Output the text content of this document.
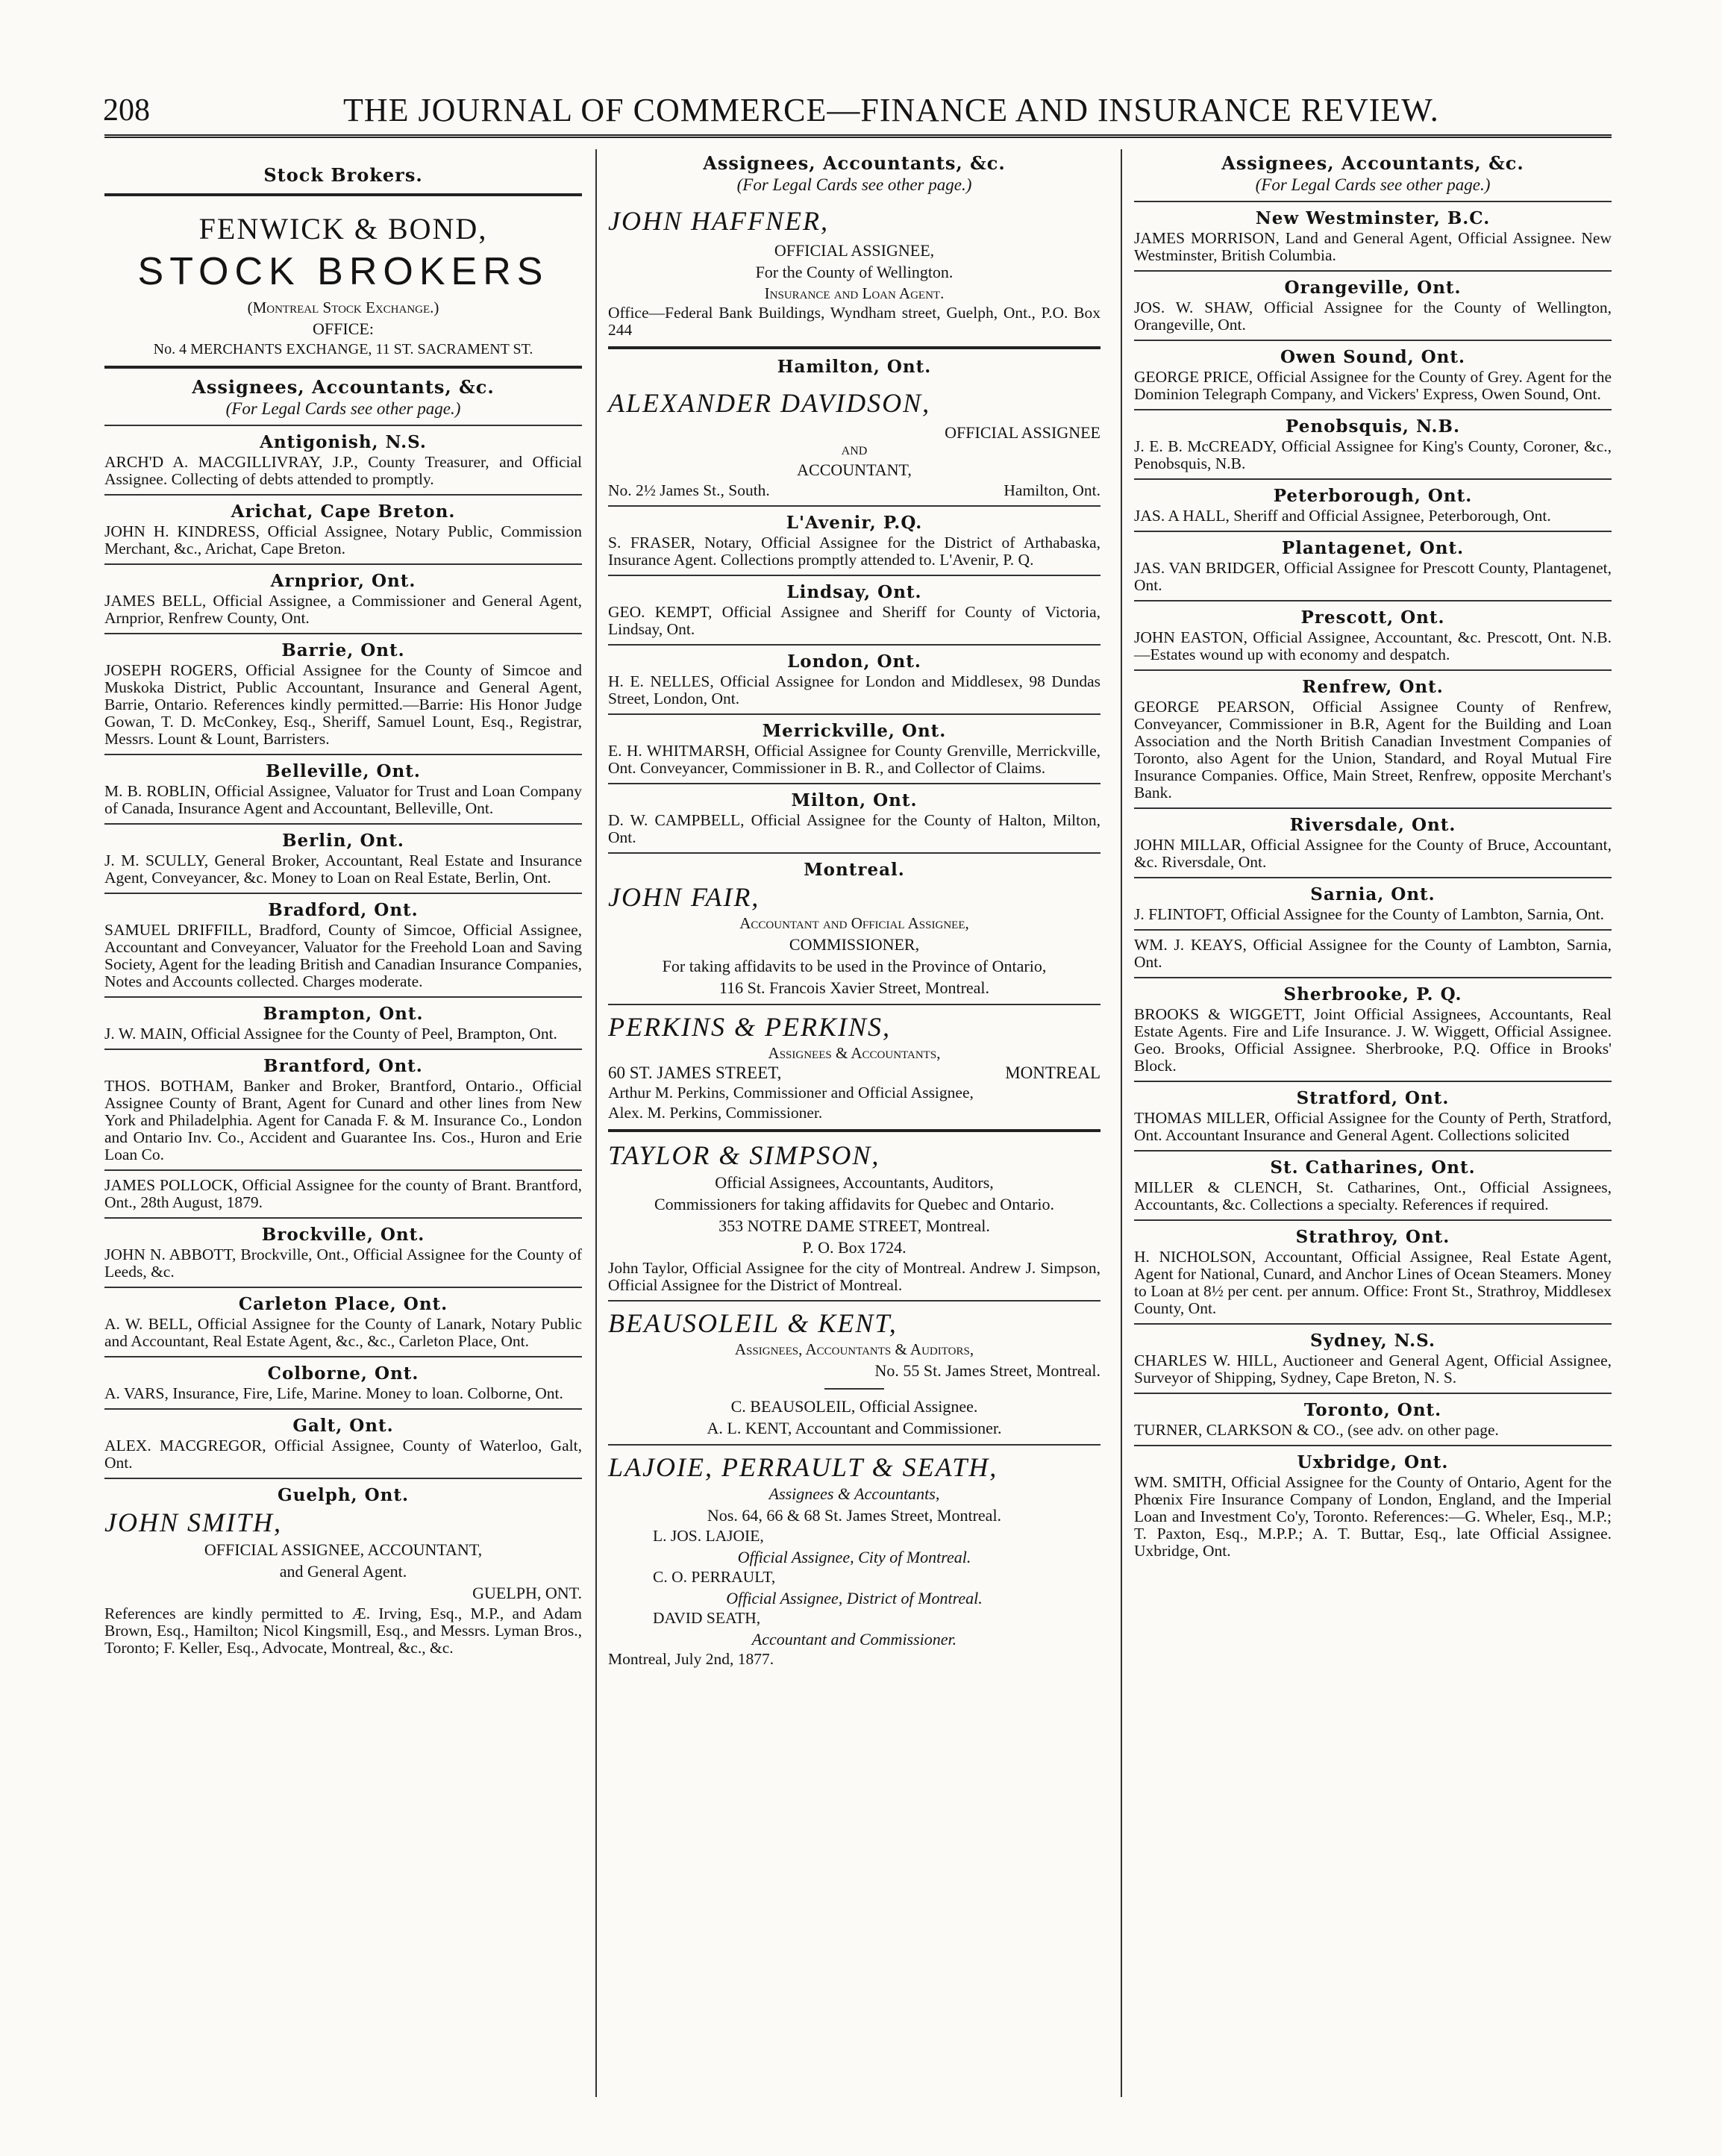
208	THE JOURNAL OF COMMERCE—FINANCE AND INSURANCE REVIEW.
Stock Brokers.
FENWICK & BOND,
STOCK BROKERS
(Montreal Stock Exchange.)
OFFICE:
No. 4 MERCHANTS EXCHANGE, 11 ST. SACRAMENT ST.
Assignees, Accountants, &c.
(For Legal Cards see other page.)
Antigonish, N.S.
ARCH'D A. MACGILLIVRAY, J.P., County Treasurer, and Official Assignee. Collecting of debts attended to promptly.
Arichat, Cape Breton.
JOHN H. KINDRESS, Official Assignee, Notary Public, Commission Merchant, &c., Arichat, Cape Breton.
Arnprior, Ont.
JAMES BELL, Official Assignee, a Commissioner and General Agent, Arnprior, Renfrew County, Ont.
Barrie, Ont.
JOSEPH ROGERS, Official Assignee for the County of Simcoe and Muskoka District, Public Accountant, Insurance and General Agent, Barrie, Ontario. References kindly permitted.—Barrie: His Honor Judge Gowan, T. D. McConkey, Esq., Sheriff, Samuel Lount, Esq., Registrar, Messrs. Lount & Lount, Barristers.
Belleville, Ont.
M. B. ROBLIN, Official Assignee, Valuator for Trust and Loan Company of Canada, Insurance Agent and Accountant, Belleville, Ont.
Berlin, Ont.
J. M. SCULLY, General Broker, Accountant, Real Estate and Insurance Agent, Conveyancer, &c. Money to Loan on Real Estate, Berlin, Ont.
Bradford, Ont.
SAMUEL DRIFFILL, Bradford, County of Simcoe, Official Assignee, Accountant and Conveyancer, Valuator for the Freehold Loan and Saving Society, Agent for the leading British and Canadian Insurance Companies, Notes and Accounts collected. Charges moderate.
Brampton, Ont.
J. W. MAIN, Official Assignee for the County of Peel, Brampton, Ont.
Brantford, Ont.
THOS. BOTHAM, Banker and Broker, Brantford, Ontario., Official Assignee County of Brant, Agent for Cunard and other lines from New York and Philadelphia. Agent for Canada F. & M. Insurance Co., London and Ontario Inv. Co., Accident and Guarantee Ins. Cos., Huron and Erie Loan Co.
JAMES POLLOCK, Official Assignee for the county of Brant. Brantford, Ont., 28th August, 1879.
Brockville, Ont.
JOHN N. ABBOTT, Brockville, Ont., Official Assignee for the County of Leeds, &c.
Carleton Place, Ont.
A. W. BELL, Official Assignee for the County of Lanark, Notary Public and Accountant, Real Estate Agent, &c., &c., Carleton Place, Ont.
Colborne, Ont.
A. VARS, Insurance, Fire, Life, Marine. Money to loan. Colborne, Ont.
Galt, Ont.
ALEX. MACGREGOR, Official Assignee, County of Waterloo, Galt, Ont.
Guelph, Ont.
JOHN SMITH,
OFFICIAL ASSIGNEE, ACCOUNTANT,
and General Agent.
GUELPH, ONT.
References are kindly permitted to Æ. Irving, Esq., M.P., and Adam Brown, Esq., Hamilton; Nicol Kingsmill, Esq., and Messrs. Lyman Bros., Toronto; F. Keller, Esq., Advocate, Montreal, &c., &c.
Assignees, Accountants, &c.
(For Legal Cards see other page.)
JOHN HAFFNER,
OFFICIAL ASSIGNEE,
For the County of Wellington.
Insurance and Loan Agent.
Office—Federal Bank Buildings, Wyndham street, Guelph, Ont., P.O. Box 244
Hamilton, Ont.
ALEXANDER DAVIDSON,
OFFICIAL ASSIGNEE
AND
ACCOUNTANT,
No. 2½ James St., South.	Hamilton, Ont.
L'Avenir, P.Q.
S. FRASER, Notary, Official Assignee for the District of Arthabaska, Insurance Agent. Collections promptly attended to. L'Avenir, P. Q.
Lindsay, Ont.
GEO. KEMPT, Official Assignee and Sheriff for County of Victoria, Lindsay, Ont.
London, Ont.
H. E. NELLES, Official Assignee for London and Middlesex, 98 Dundas Street, London, Ont.
Merrickville, Ont.
E. H. WHITMARSH, Official Assignee for County Grenville, Merrickville, Ont. Conveyancer, Commissioner in B. R., and Collector of Claims.
Milton, Ont.
D. W. CAMPBELL, Official Assignee for the County of Halton, Milton, Ont.
Montreal.
JOHN FAIR,
Accountant and Official Assignee,
COMMISSIONER,
For taking affidavits to be used in the Province of Ontario,
116 St. Francois Xavier Street, Montreal.
PERKINS & PERKINS,
Assignees & Accountants,
60 ST. JAMES STREET,	MONTREAL
Arthur M. Perkins, Commissioner and Official Assignee,
Alex. M. Perkins, Commissioner.
TAYLOR & SIMPSON,
Official Assignees, Accountants, Auditors,
Commissioners for taking affidavits for Quebec and Ontario.
353 NOTRE DAME STREET, Montreal.
P. O. Box 1724.
John Taylor, Official Assignee for the city of Montreal. Andrew J. Simpson, Official Assignee for the District of Montreal.
BEAUSOLEIL & KENT,
Assignees, Accountants & Auditors,
No. 55 St. James Street, Montreal.
C. BEAUSOLEIL, Official Assignee.
A. L. KENT, Accountant and Commissioner.
LAJOIE, PERRAULT & SEATH,
Assignees & Accountants,
Nos. 64, 66 & 68 St. James Street, Montreal.
L. JOS. LAJOIE,
Official Assignee, City of Montreal.
C. O. PERRAULT,
Official Assignee, District of Montreal.
DAVID SEATH,
Accountant and Commissioner.
Montreal, July 2nd, 1877.
Assignees, Accountants, &c.
(For Legal Cards see other page.)
New Westminster, B.C.
JAMES MORRISON, Land and General Agent, Official Assignee. New Westminster, British Columbia.
Orangeville, Ont.
JOS. W. SHAW, Official Assignee for the County of Wellington, Orangeville, Ont.
Owen Sound, Ont.
GEORGE PRICE, Official Assignee for the County of Grey. Agent for the Dominion Telegraph Company, and Vickers' Express, Owen Sound, Ont.
Penobsquis, N.B.
J. E. B. McCREADY, Official Assignee for King's County, Coroner, &c., Penobsquis, N.B.
Peterborough, Ont.
JAS. A HALL, Sheriff and Official Assignee, Peterborough, Ont.
Plantagenet, Ont.
JAS. VAN BRIDGER, Official Assignee for Prescott County, Plantagenet, Ont.
Prescott, Ont.
JOHN EASTON, Official Assignee, Accountant, &c. Prescott, Ont. N.B.—Estates wound up with economy and despatch.
Renfrew, Ont.
GEORGE PEARSON, Official Assignee County of Renfrew, Conveyancer, Commissioner in B.R, Agent for the Building and Loan Association and the North British Canadian Investment Companies of Toronto, also Agent for the Union, Standard, and Royal Mutual Fire Insurance Companies. Office, Main Street, Renfrew, opposite Merchant's Bank.
Riversdale, Ont.
JOHN MILLAR, Official Assignee for the County of Bruce, Accountant, &c. Riversdale, Ont.
Sarnia, Ont.
J. FLINTOFT, Official Assignee for the County of Lambton, Sarnia, Ont.
WM. J. KEAYS, Official Assignee for the County of Lambton, Sarnia, Ont.
Sherbrooke, P. Q.
BROOKS & WIGGETT, Joint Official Assignees, Accountants, Real Estate Agents. Fire and Life Insurance. J. W. Wiggett, Official Assignee. Geo. Brooks, Official Assignee. Sherbrooke, P.Q. Office in Brooks' Block.
Stratford, Ont.
THOMAS MILLER, Official Assignee for the County of Perth, Stratford, Ont. Accountant Insurance and General Agent. Collections solicited
St. Catharines, Ont.
MILLER & CLENCH, St. Catharines, Ont., Official Assignees, Accountants, &c. Collections a specialty. References if required.
Strathroy, Ont.
H. NICHOLSON, Accountant, Official Assignee, Real Estate Agent, Agent for National, Cunard, and Anchor Lines of Ocean Steamers. Money to Loan at 8½ per cent. per annum. Office: Front St., Strathroy, Middlesex County, Ont.
Sydney, N.S.
CHARLES W. HILL, Auctioneer and General Agent, Official Assignee, Surveyor of Shipping, Sydney, Cape Breton, N. S.
Toronto, Ont.
TURNER, CLARKSON & CO., (see adv. on other page.
Uxbridge, Ont.
WM. SMITH, Official Assignee for the County of Ontario, Agent for the Phœnix Fire Insurance Company of London, England, and the Imperial Loan and Investment Co'y, Toronto. References:—G. Wheler, Esq., M.P.; T. Paxton, Esq., M.P.P.; A. T. Buttar, Esq., late Official Assignee. Uxbridge, Ont.
